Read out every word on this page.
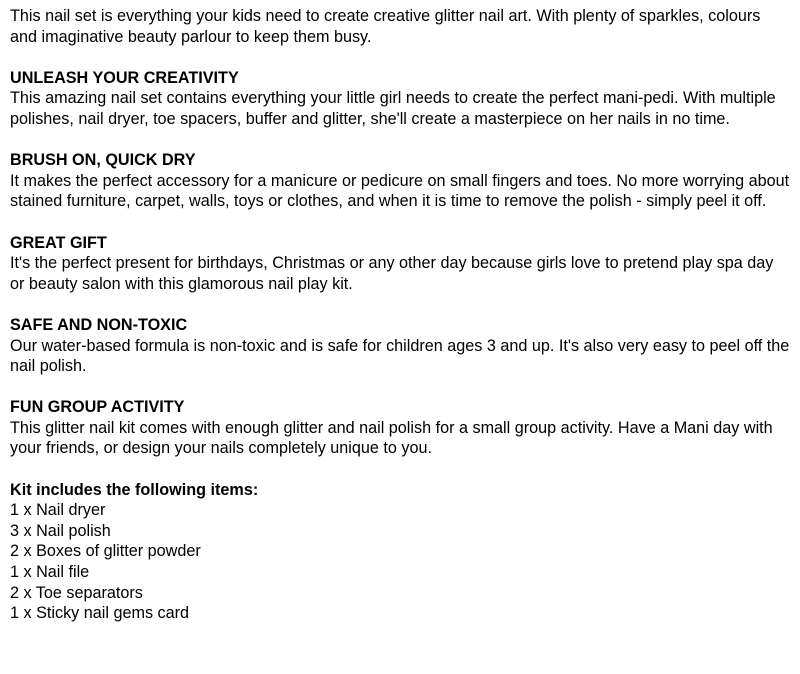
This nail set is everything your kids need to create creative glitter nail art. With plenty of sparkles, colours and imaginative beauty parlour to keep them busy.

UNLEASH YOUR CREATIVITY

This amazing nail set contains everything your little girl needs to create the perfect mani-pedi. With multiple polishes, nail dryer, toe spacers, buffer and glitter, she'll create a masterpiece on her nails in no time.

BRUSH ON, QUICK DRY

It makes the perfect accessory for a manicure or pedicure on small fingers and toes. No more worrying about stained furniture, carpet, walls, toys or clothes, and when it is time to remove the polish - simply peel it off.

GREAT GIFT

It's the perfect present for birthdays, Christmas or any other day because girls love to pretend play spa day or beauty salon with this glamorous nail play kit.

SAFE AND NON-TOXIC

Our water-based formula is non-toxic and is safe for children ages 3 and up. It's also very easy to peel off the nail polish.

FUN GROUP ACTIVITY

This glitter nail kit comes with enough glitter and nail polish for a small group activity. Have a Mani day with your friends, or design your nails completely unique to you.

Kit includes the following items:

1 x Nail dryer
3 x Nail polish
2 x Boxes of glitter powder
1 x Nail file
2 x Toe separators
1 x Sticky nail gems card
